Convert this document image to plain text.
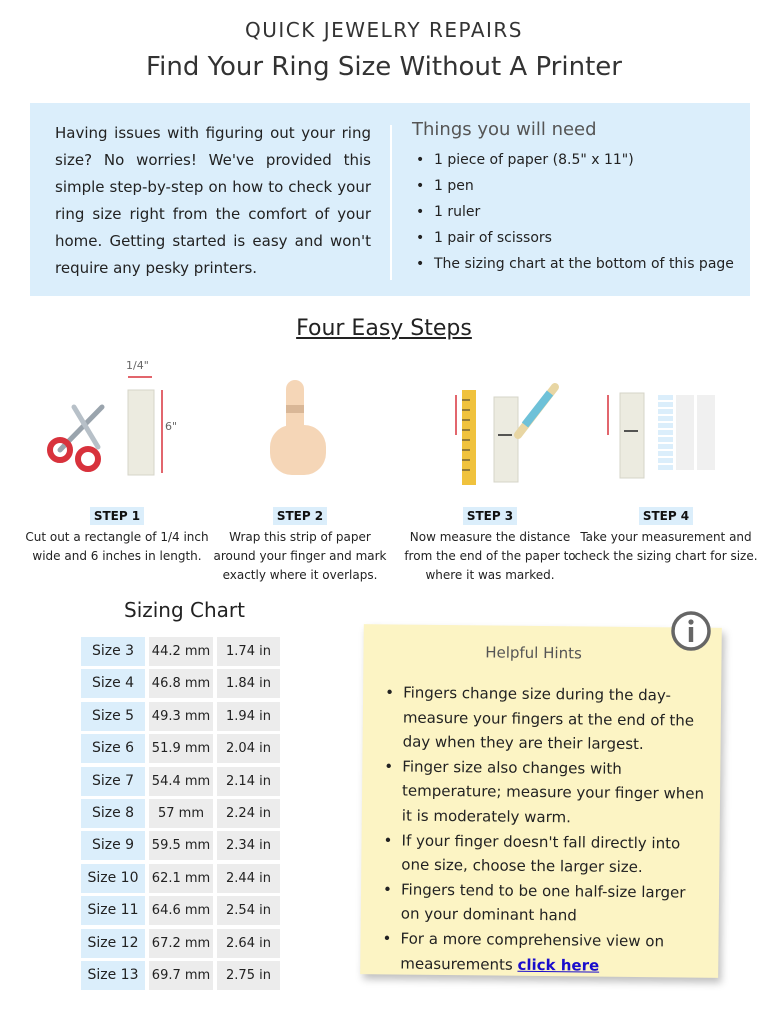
QUICK JEWELRY REPAIRS
Find Your Ring Size Without A Printer

Having issues with figuring out your ring size? No worries! We've provided this simple step-by-step on how to check your ring size right from the comfort of your home. Getting started is easy and won't require any pesky printers.

Things you will need
• 1 piece of paper (8.5" x 11")
• 1 pen
• 1 ruler
• 1 pair of scissors
• The sizing chart at the bottom of this page
Four Easy Steps
1/4"
6"
STEP 1
Cut out a rectangle of 1/4 inch wide and 6 inches in length.
STEP 2
Wrap this strip of paper around your finger and mark exactly where it overlaps.
STEP 3
Now measure the distance from the end of the paper to where it was marked.
STEP 4
Take your measurement and check the sizing chart for size.
Sizing Chart
Size 3	44.2 mm	1.74 in
Size 4	46.8 mm	1.84 in
Size 5	49.3 mm	1.94 in
Size 6	51.9 mm	2.04 in
Size 7	54.4 mm	2.14 in
Size 8	57 mm	2.24 in
Size 9	59.5 mm	2.34 in
Size 10	62.1 mm	2.44 in
Size 11	64.6 mm	2.54 in
Size 12	67.2 mm	2.64 in
Size 13	69.7 mm	2.75 in
Helpful Hints
• Fingers change size during the day- measure your fingers at the end of the day when they are their largest.
• Finger size also changes with temperature; measure your finger when it is moderately warm.
• If your finger doesn't fall directly into one size, choose the larger size.
• Fingers tend to be one half-size larger on your dominant hand
• For a more comprehensive view on measurements click here
